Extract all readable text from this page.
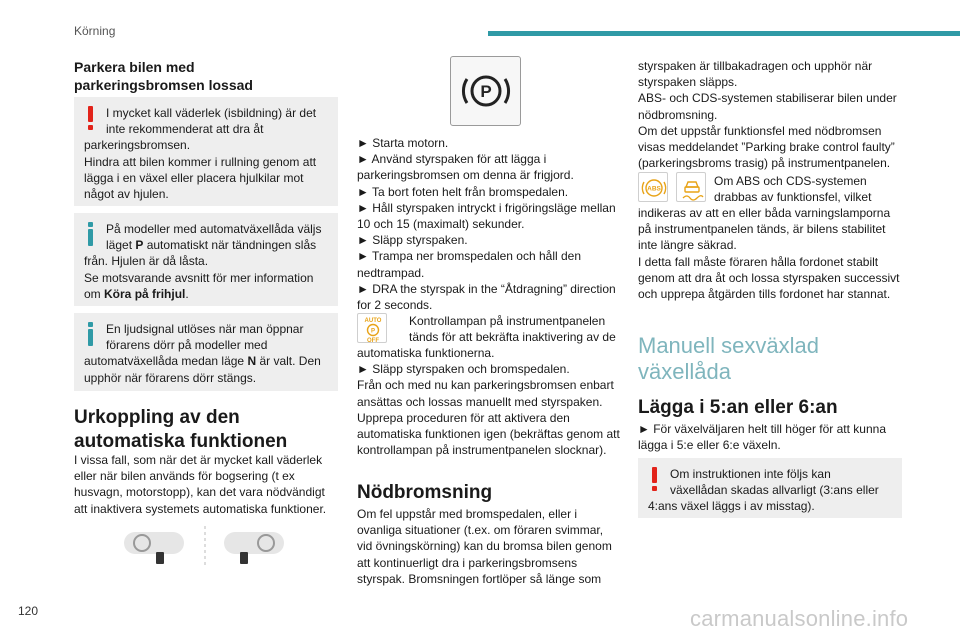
Körning
Parkera bilen med parkeringsbromsen lossad
I mycket kall väderlek (isbildning) är det
inte rekommenderat att dra åt
parkeringsbromsen.
Hindra att bilen kommer i rullning genom att lägga i en växel eller placera hjulkilar mot något av hjulen.
På modeller med automatväxellåda väljs
läget P automatiskt när tändningen slås
från. Hjulen är då låsta.
Se motsvarande avsnitt för mer information om Köra på frihjul.
En ljudsignal utlöses när man öppnar
förarens dörr på modeller med
automatväxellåda medan läge N är valt. Den upphör när förarens dörr stängs.
Urkoppling av den automatiska funktionen
I vissa fall, som när det är mycket kall väderlek eller när bilen används för bogsering (t ex husvagn, motorstopp), kan det vara nödvändigt att inaktivera systemets automatiska funktioner.
P
► Starta motorn.
► Använd styrspaken för att lägga i parkeringsbromsen om denna är frigjord.
► Ta bort foten helt från bromspedalen.
► Håll styrspaken intryckt i frigöringsläge mellan 10 och 15 (maximalt) sekunder.
► Släpp styrspaken.
► Trampa ner bromspedalen och håll den nedtrampad.
► DRA the styrspak in the “Åtdragning” direction for 2 seconds.
AUTO
P
OFF
Kontrollampan på instrumentpanelen
tänds för att bekräfta inaktivering av de
automatiska funktionerna.
► Släpp styrspaken och bromspedalen.
Från och med nu kan parkeringsbromsen enbart ansättas och lossas manuellt med styrspaken.
Upprepa proceduren för att aktivera den automatiska funktionen igen (bekräftas genom att kontrollampan på instrumentpanelen slocknar).
Nödbromsning
Om fel uppstår med bromspedalen, eller i ovanliga situationer (t.ex. om föraren svimmar, vid övningskörning) kan du bromsa bilen genom att kontinuerligt dra i parkeringsbromsens styrspak. Bromsningen fortlöper så länge som
styrspaken är tillbakadragen och upphör när styrspaken släpps.
ABS- och CDS-systemen stabiliserar bilen under nödbromsning.
Om det uppstår funktionsfel med nödbromsen visas meddelandet ”Parking brake control faulty” (parkeringsbroms trasig) på instrumentpanelen.
ABS
Om ABS och CDS-systemen
drabbas av funktionsfel, vilket
indikeras av att en eller båda varningslamporna på instrumentpanelen tänds, är bilens stabilitet inte längre säkrad.
I detta fall måste föraren hålla fordonet stabilt genom att dra åt och lossa styrspaken successivt och upprepa åtgärden tills fordonet har stannat.
Manuell sexväxlad växellåda
Lägga i 5:an eller 6:an
► För växelväljaren helt till höger för att kunna lägga i 5:e eller 6:e växeln.
Om instruktionen inte följs kan
växellådan skadas allvarligt (3:ans eller
4:ans växel läggs i av misstag).
120	carmanualsonline.info
